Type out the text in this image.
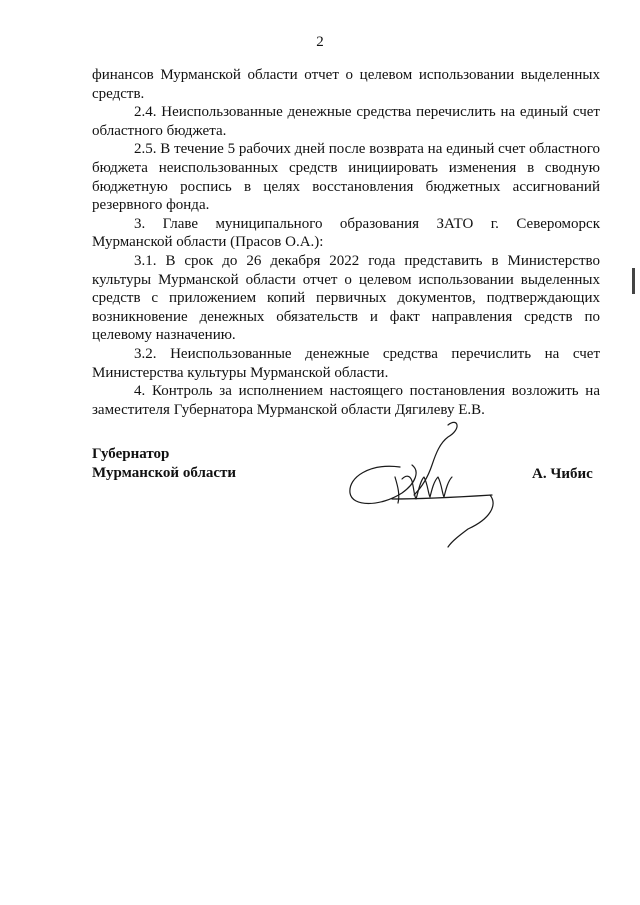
2

финансов Мурманской области отчет о целевом использовании выделенных средств.

2.4. Неиспользованные денежные средства перечислить на единый счет областного бюджета.

2.5. В течение 5 рабочих дней после возврата на единый счет областного бюджета неиспользованных средств инициировать изменения в сводную бюджетную роспись в целях восстановления бюджетных ассигнований резервного фонда.

3. Главе муниципального образования ЗАТО г. Североморск Мурманской области (Прасов О.А.):

3.1. В срок до 26 декабря 2022 года представить в Министерство культуры Мурманской области отчет о целевом использовании выделенных средств с приложением копий первичных документов, подтверждающих возникновение денежных обязательств и факт направления средств по целевому назначению.

3.2. Неиспользованные денежные средства перечислить на счет Министерства культуры Мурманской области.

4. Контроль за исполнением настоящего постановления возложить на заместителя Губернатора Мурманской области Дягилеву Е.В.

Губернатор
Мурманской области	А. Чибис
